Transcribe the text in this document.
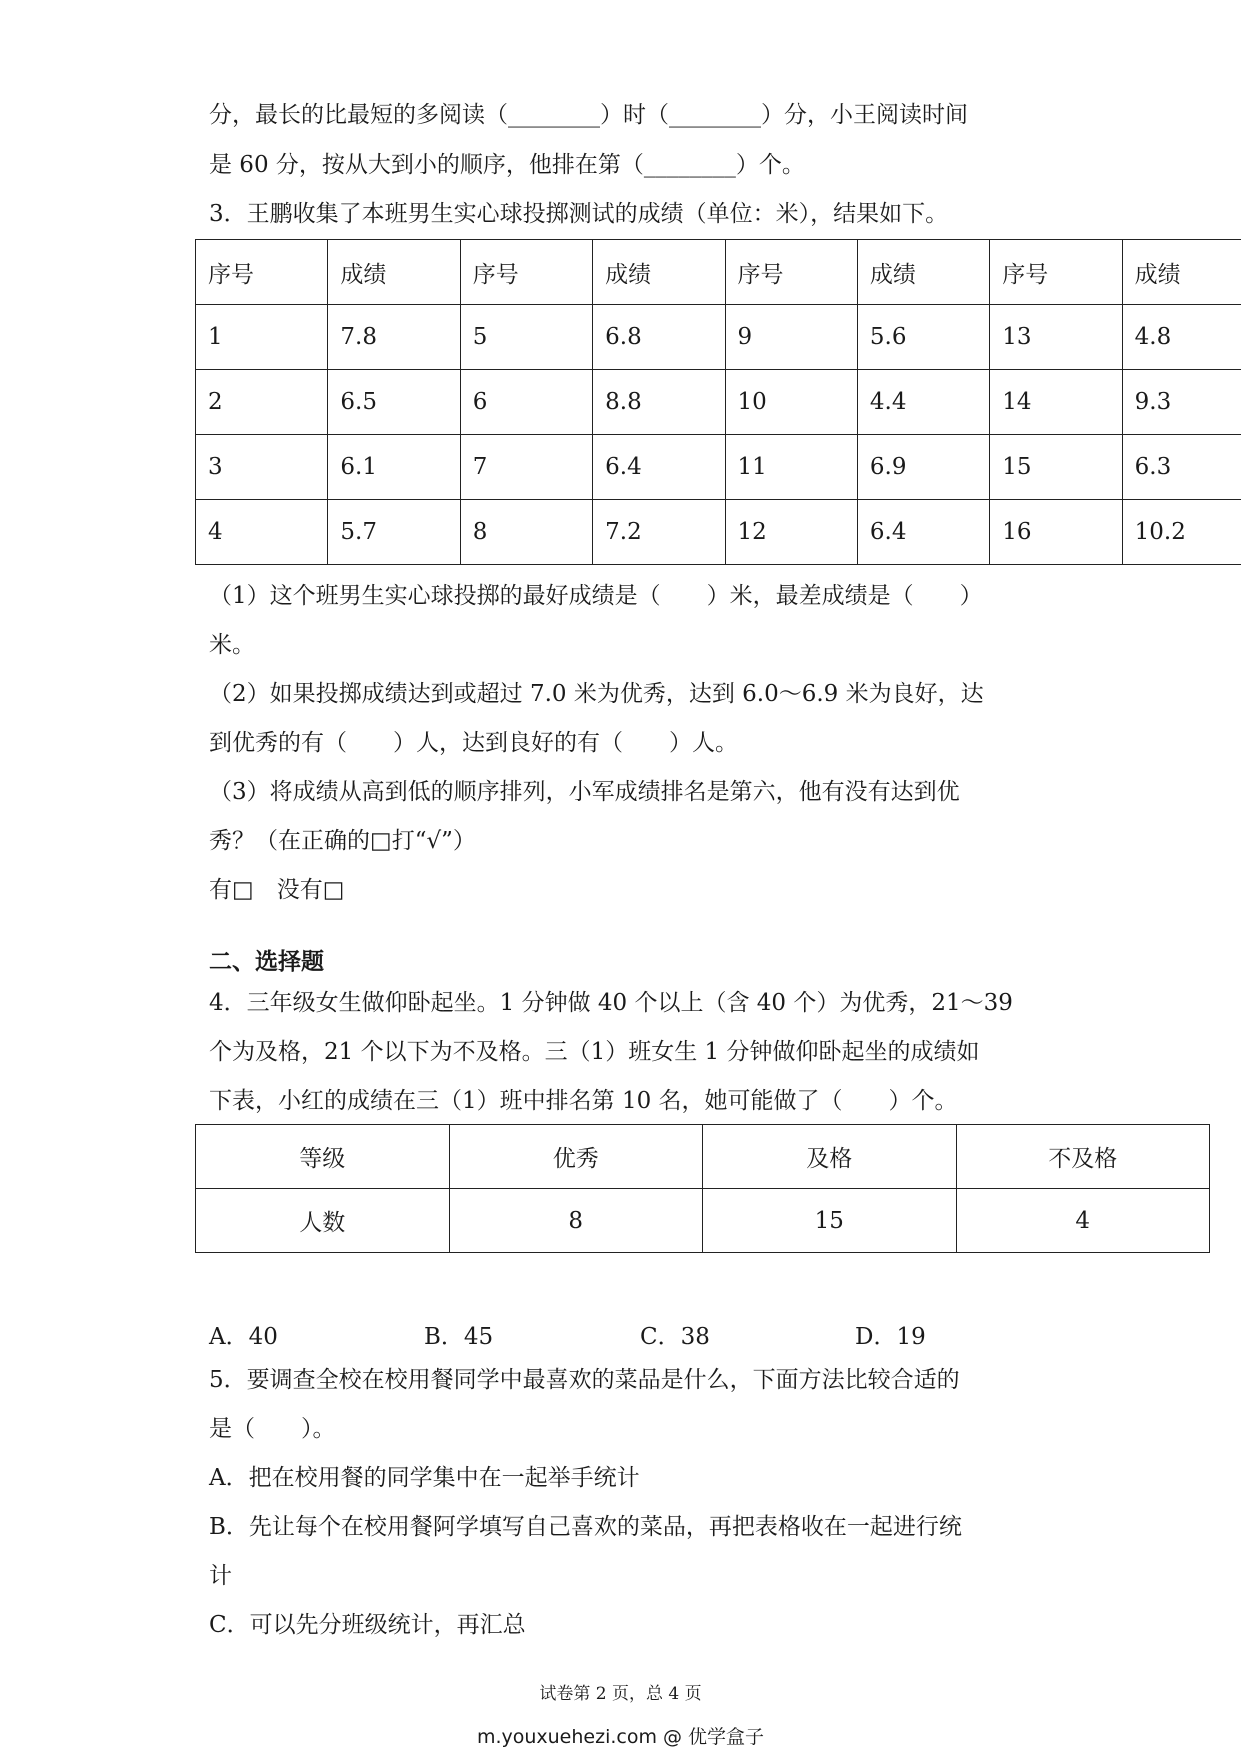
分，最长的比最短的多阅读（________）时（________）分，小王阅读时间
是 60 分，按从大到小的顺序，他排在第（________）个。
3．王鹏收集了本班男生实心球投掷测试的成绩（单位：米），结果如下。
序号	成绩	序号	成绩	序号	成绩	序号	成绩
1	7.8	5	6.8	9	5.6	13	4.8
2	6.5	6	8.8	10	4.4	14	9.3
3	6.1	7	6.4	11	6.9	15	6.3
4	5.7	8	7.2	12	6.4	16	10.2
（1）这个班男生实心球投掷的最好成绩是（　　）米，最差成绩是（　　）
米。
（2）如果投掷成绩达到或超过 7.0 米为优秀，达到 6.0～6.9 米为良好，达
到优秀的有（　　）人，达到良好的有（　　）人。
（3）将成绩从高到低的顺序排列，小军成绩排名是第六，他有没有达到优
秀？（在正确的□打“√”）
有□　没有□
二、选择题
4．三年级女生做仰卧起坐。1 分钟做 40 个以上（含 40 个）为优秀，21～39
个为及格，21 个以下为不及格。三（1）班女生 1 分钟做仰卧起坐的成绩如
下表，小红的成绩在三（1）班中排名第 10 名，她可能做了（　　）个。
等级	优秀	及格	不及格
人数	8	15	4
A．40	B．45	C．38	D．19
5．要调查全校在校用餐同学中最喜欢的菜品是什么，下面方法比较合适的
是（　　）。
A．把在校用餐的同学集中在一起举手统计
B．先让每个在校用餐阿学填写自己喜欢的菜品，再把表格收在一起进行统
计
C．可以先分班级统计，再汇总
试卷第 2 页，总 4 页
m.youxuehezi.com @ 优学盒子
